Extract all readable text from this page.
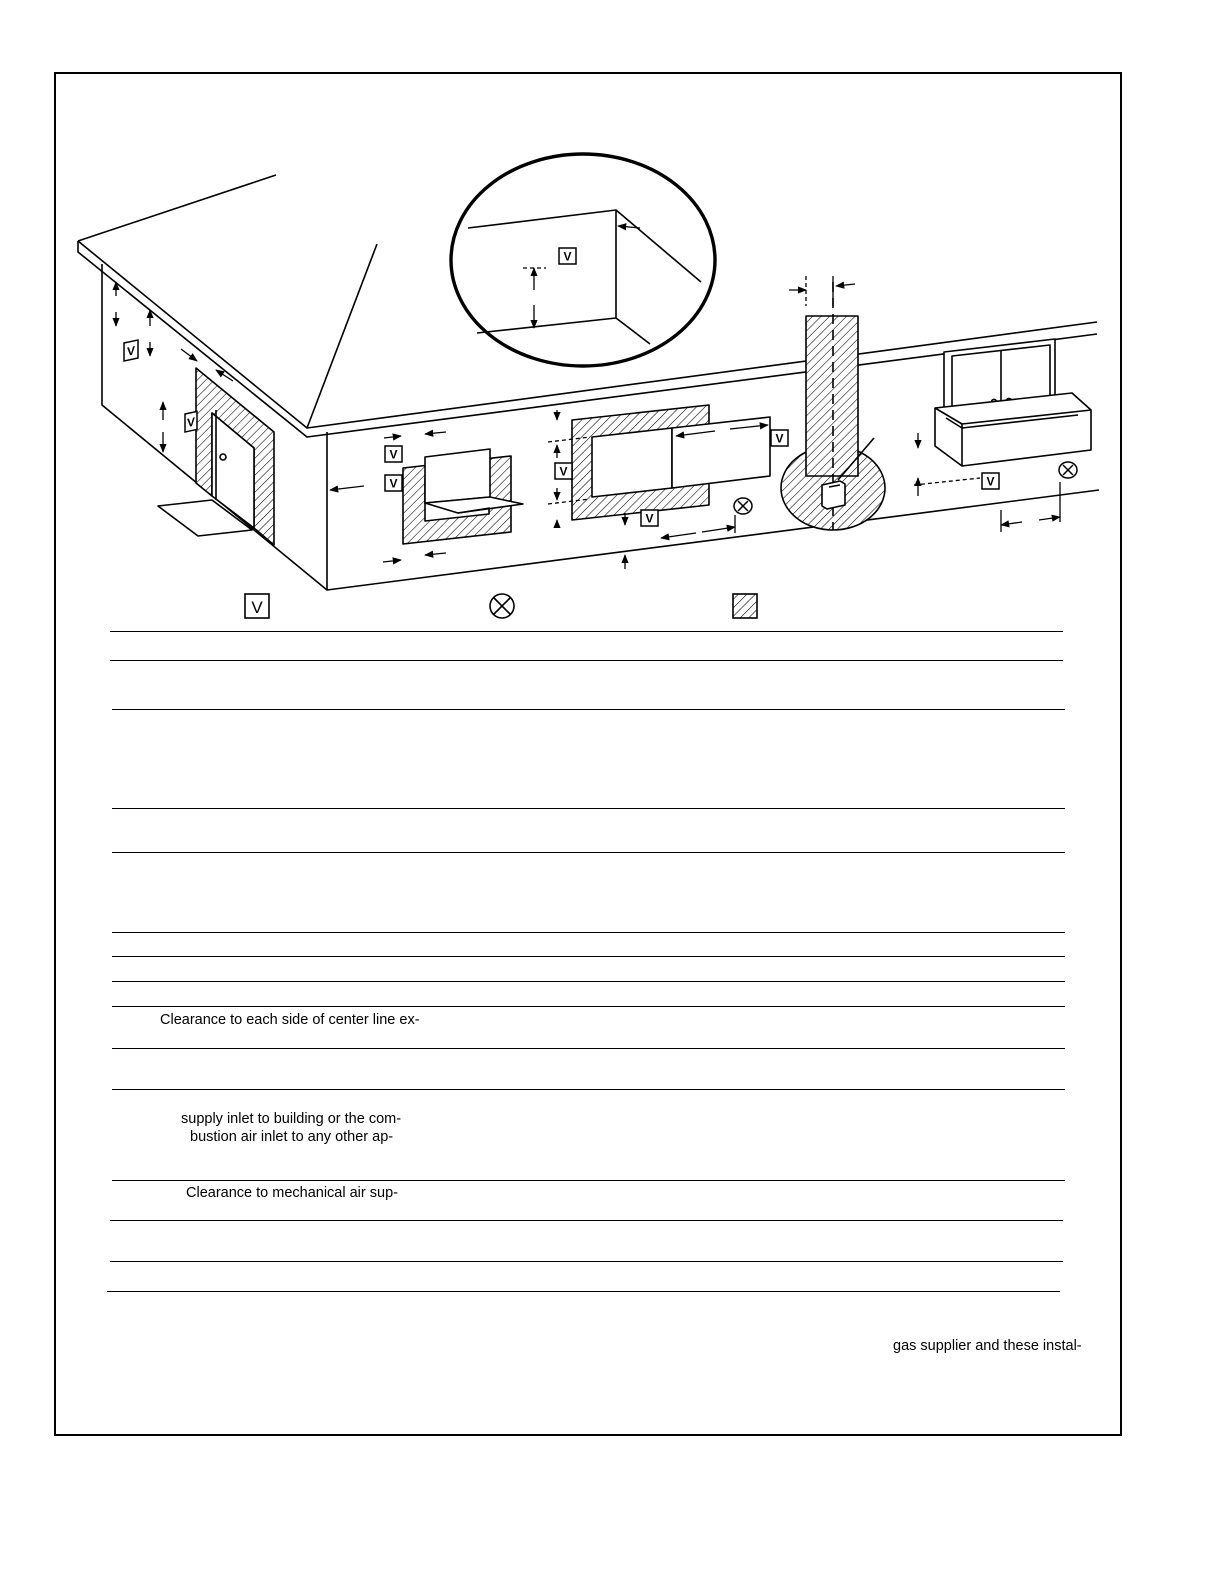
V
V
V
V
V
V
V
V
V
V
Clearance to each side of center line ex-
supply inlet to building or the com-
bustion air inlet to any other ap-
Clearance to mechanical air sup-
gas supplier and these instal-
